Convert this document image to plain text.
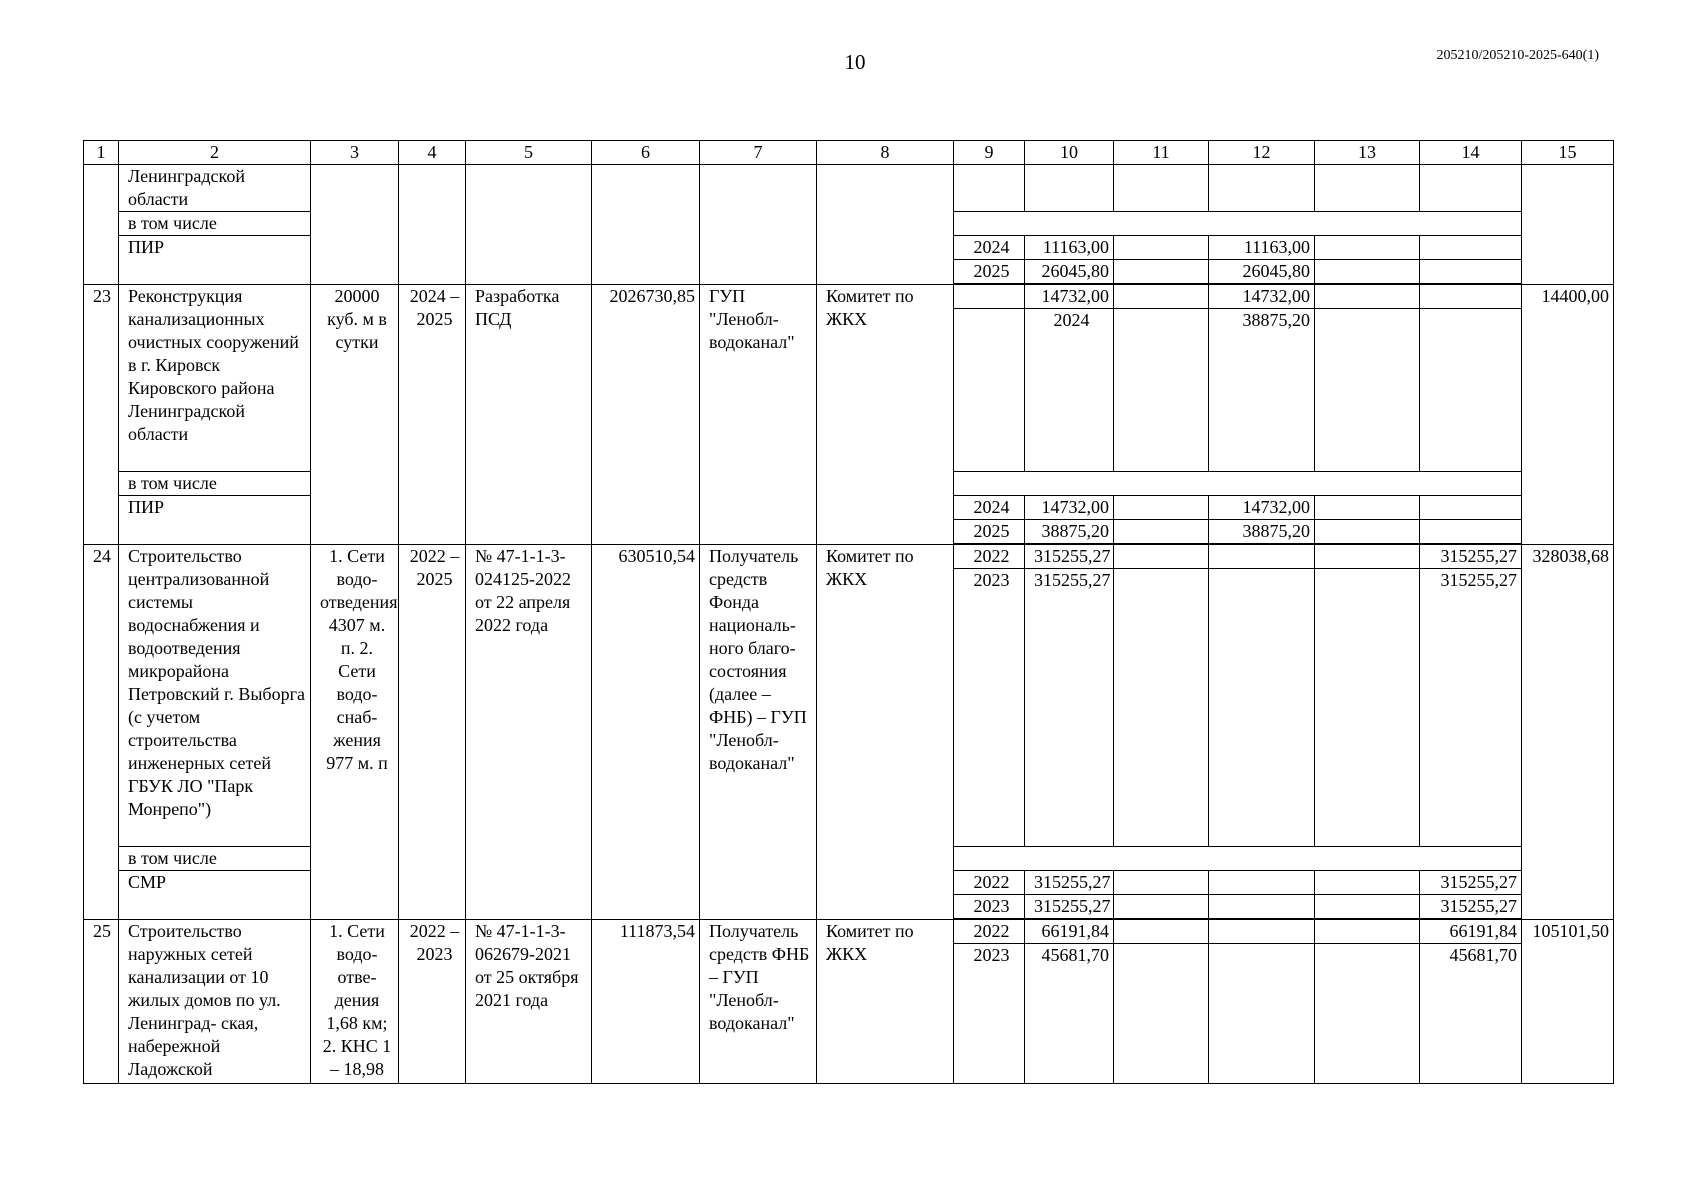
10	205210/205210-2025-640(1)
1	2	3	4	5	6	7	8	9	10	11	12	13	14	15
	Ленинградской области													
	в том числе													
	ПИР							2024	11163,00		11163,00			
								2025	26045,80		26045,80			

23	Реконструкция канализационных очистных сооружений в г. Кировск Кировского района Ленинградской области	20000 куб. м в сутки	2024 – 2025	Разработка ПСД	2026730,85	ГУП "Ленобл- водоканал"	Комитет по ЖКХ		14732,00		14732,00			14400,00
									2024		38875,20			
	в том числе													
	ПИР							2024	14732,00		14732,00			
								2025	38875,20		38875,20			

24	Строительство централизованной системы водоснабжения и водоотведения микрорайона Петровский г. Выборга (с учетом строительства инженерных сетей ГБУК ЛО "Парк Монрепо")	1. Сети водо- отведения 4307 м. п. 2. Сети водо- снаб- жения 977 м. п	2022 – 2025	№ 47-1-1-3- 024125-2022 от 22 апреля 2022 года	630510,54	Получатель средств Фонда националь- ного благо- состояния (далее – ФНБ) – ГУП "Ленобл- водоканал"	Комитет по ЖКХ	2022	315255,27				315255,27	328038,68
								2023	315255,27				315255,27	
	в том числе													
	СМР							2022	315255,27				315255,27	
								2023	315255,27				315255,27	

25	Строительство наружных сетей канализации от 10 жилых домов по ул. Ленинград- ская, набережной Ладожской	1. Сети водо- отве- дения 1,68 км; 2. КНС 1 – 18,98	2022 – 2023	№ 47-1-1-3- 062679-2021 от 25 октября 2021 года	111873,54	Получатель средств ФНБ – ГУП "Ленобл- водоканал"	Комитет по ЖКХ	2022	66191,84				66191,84	105101,50
								2023	45681,70				45681,70	
